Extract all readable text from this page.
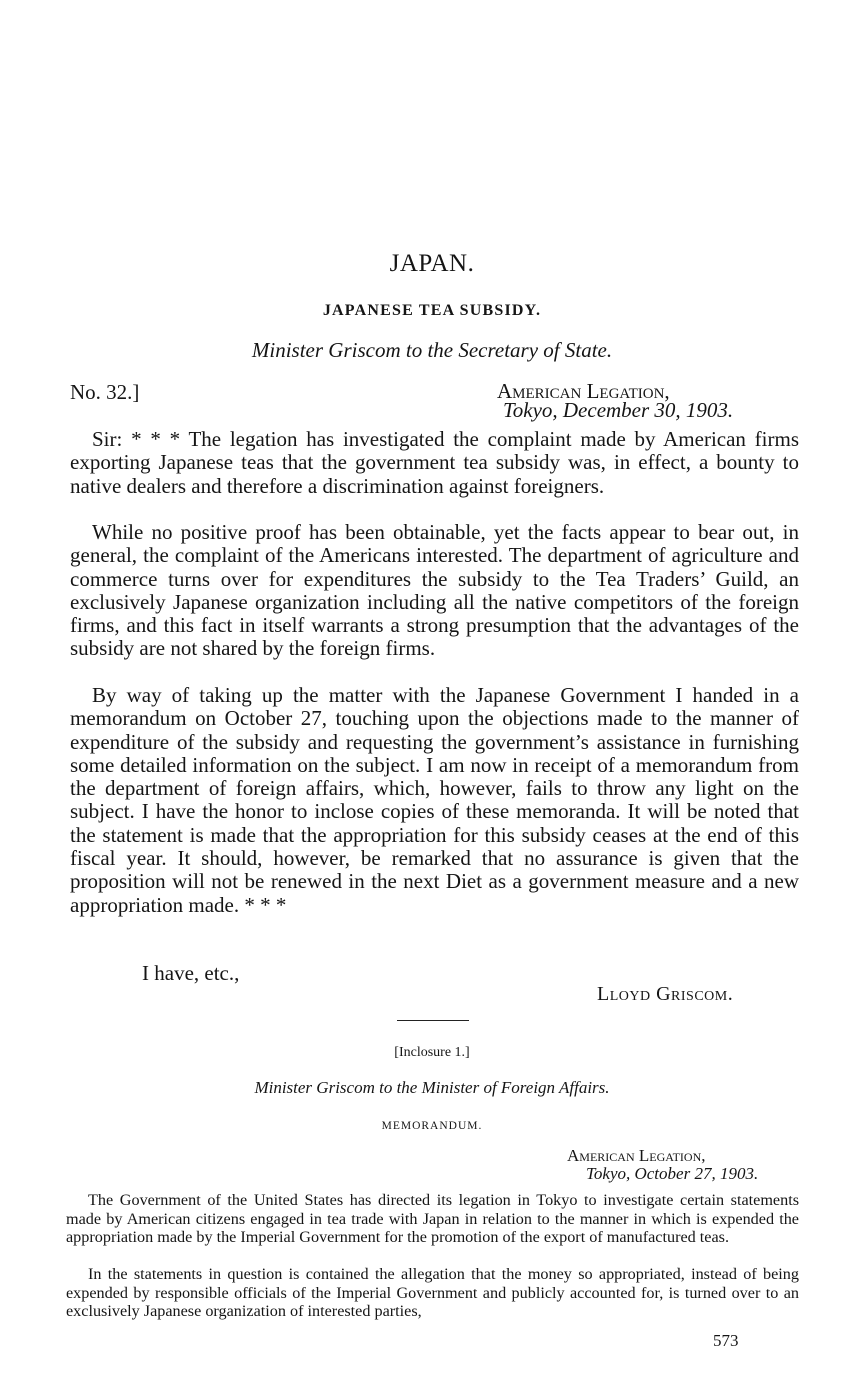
JAPAN.
JAPANESE TEA SUBSIDY.
Minister Griscom to the Secretary of State.
No. 32.]	American Legation,
Tokyo, December 30, 1903.
Sir: * * * The legation has investigated the complaint made by American firms exporting Japanese teas that the government tea subsidy was, in effect, a bounty to native dealers and therefore a discrimination against foreigners.
While no positive proof has been obtainable, yet the facts appear to bear out, in general, the complaint of the Americans interested. The department of agriculture and commerce turns over for expenditures the subsidy to the Tea Traders’ Guild, an exclusively Japanese organization including all the native competitors of the foreign firms, and this fact in itself warrants a strong presumption that the advantages of the subsidy are not shared by the foreign firms.
By way of taking up the matter with the Japanese Government I handed in a memorandum on October 27, touching upon the objections made to the manner of expenditure of the subsidy and requesting the government’s assistance in furnishing some detailed information on the subject. I am now in receipt of a memorandum from the department of foreign affairs, which, however, fails to throw any light on the subject. I have the honor to inclose copies of these memoranda. It will be noted that the statement is made that the appropriation for this subsidy ceases at the end of this fiscal year. It should, however, be remarked that no assurance is given that the proposition will not be renewed in the next Diet as a government measure and a new appropriation made. * * *
I have, etc.,
Lloyd Griscom.
[Inclosure 1.]
Minister Griscom to the Minister of Foreign Affairs.
MEMORANDUM.
American Legation,
Tokyo, October 27, 1903.
The Government of the United States has directed its legation in Tokyo to investigate certain statements made by American citizens engaged in tea trade with Japan in relation to the manner in which is expended the appropriation made by the Imperial Government for the promotion of the export of manufactured teas.
In the statements in question is contained the allegation that the money so appropriated, instead of being expended by responsible officials of the Imperial Government and publicly accounted for, is turned over to an exclusively Japanese organization of interested parties,
573
